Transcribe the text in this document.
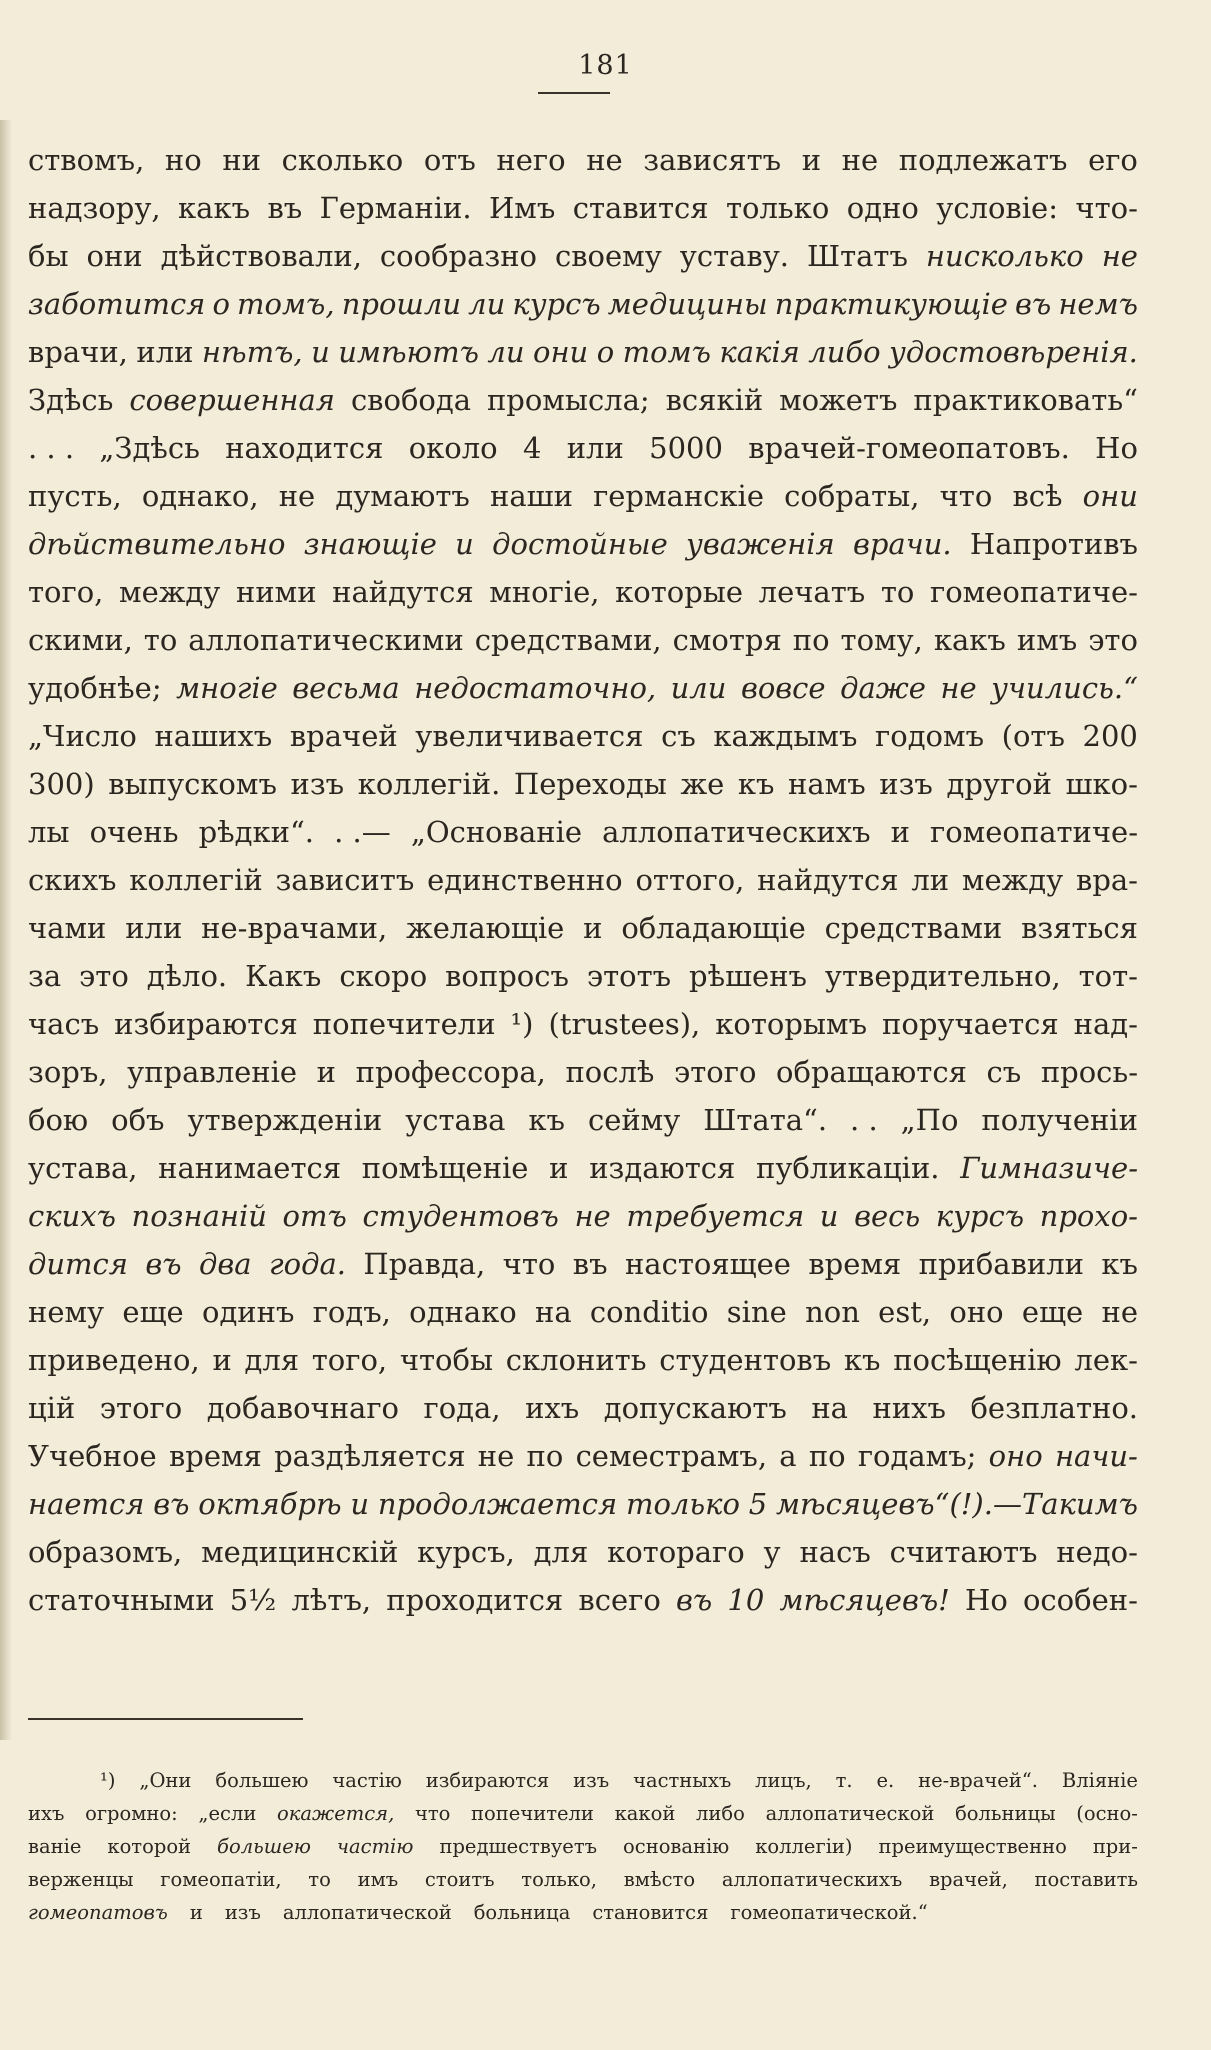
181
ствомъ, но ни сколько отъ него не зависятъ и не подлежатъ его
надзору, какъ въ Германіи. Имъ ставится только одно условіе: что-
бы они дѣйствовали, сообразно своему уставу. Штатъ нисколько не
заботится о томъ, прошли ли курсъ медицины практикующіе въ немъ
врачи, или нѣтъ, и имѣютъ ли они о томъ какія либо удостовѣренія.
Здѣсь совершенная свобода промысла; всякій можетъ практиковать“
. . . „Здѣсь находится около 4 или 5000 врачей-гомеопатовъ. Но
пусть, однако, не думаютъ наши германскіе собраты, что всѣ они
дѣйствительно знающіе и достойные уваженія врачи. Напротивъ
того, между ними найдутся многіе, которые лечатъ то гомеопатиче-
скими, то аллопатическими средствами, смотря по тому, какъ имъ это
удобнѣе; многіе весьма недостаточно, или вовсе даже не учились.“
„Число нашихъ врачей увеличивается съ каждымъ годомъ (отъ 200
300) выпускомъ изъ коллегій. Переходы же къ намъ изъ другой шко-
лы очень рѣдки“. . .— „Основаніе аллопатическихъ и гомеопатиче-
скихъ коллегій зависитъ единственно оттого, найдутся ли между вра-
чами или не-врачами, желающіе и обладающіе средствами взяться
за это дѣло. Какъ скоро вопросъ этотъ рѣшенъ утвердительно, тот-
часъ избираются попечители ¹) (trustees), которымъ поручается над-
зоръ, управленіе и профессора, послѣ этого обращаются съ прось-
бою объ утвержденіи устава къ сейму Штата“. . . „По полученіи
устава, нанимается помѣщеніе и издаются публикаціи. Гимназиче-
скихъ познаній отъ студентовъ не требуется и весь курсъ прохо-
дится въ два года. Правда, что въ настоящее время прибавили къ
нему еще одинъ годъ, однако на conditio sine non est, оно еще не
приведено, и для того, чтобы склонить студентовъ къ посѣщенію лек-
цій этого добавочнаго года, ихъ допускаютъ на нихъ безплатно.
Учебное время раздѣляется не по семестрамъ, а по годамъ; оно начи-
нается въ октябрѣ и продолжается только 5 мѣсяцевъ“(!).—Такимъ
образомъ, медицинскій курсъ, для котораго у насъ считаютъ недо-
статочными 5½ лѣтъ, проходится всего въ 10 мѣсяцевъ! Но особен-
¹) „Они большею частію избираются изъ частныхъ лицъ, т. е. не-врачей“. Вліяніе
ихъ огромно: „если окажется, что попечители какой либо аллопатической больницы (осно-
ваніе которой большею частію предшествуетъ основанію коллегіи) преимущественно при-
верженцы гомеопатіи, то имъ стоитъ только, вмѣсто аллопатическихъ врачей, поставить
гомеопатовъ и изъ аллопатической больница становится гомеопатической.“
